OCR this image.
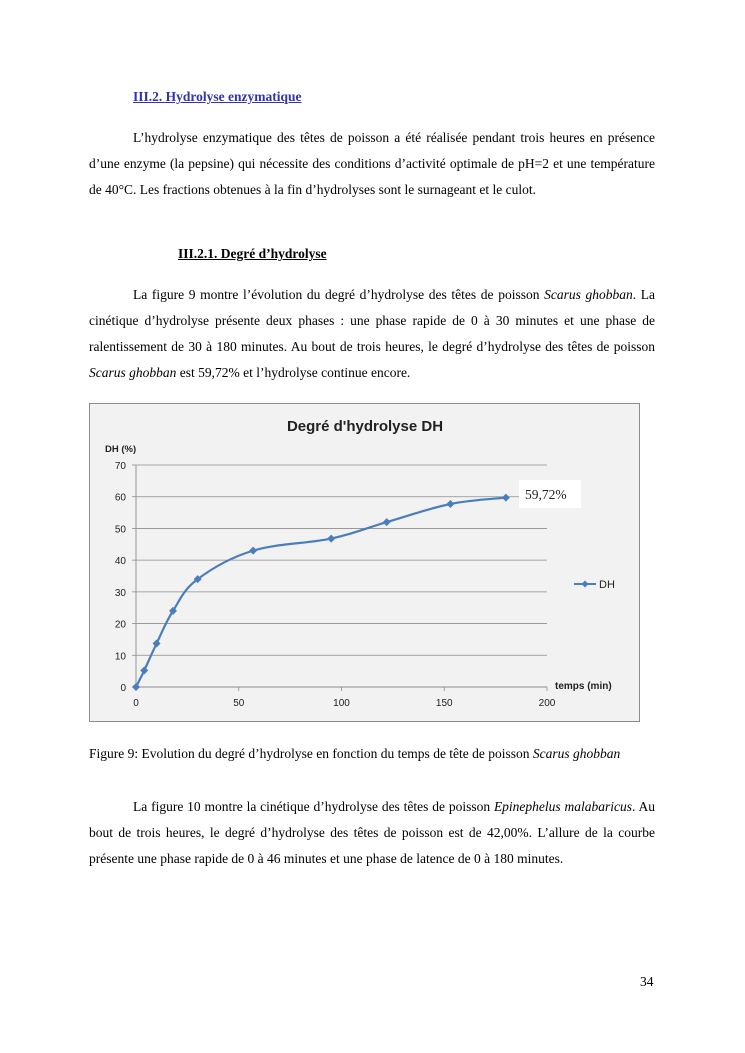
III.2. Hydrolyse enzymatique

L’hydrolyse enzymatique des têtes de poisson a été réalisée pendant trois heures en présence d’une enzyme (la pepsine) qui nécessite des conditions d’activité optimale de pH=2 et une température de 40°C. Les fractions obtenues à la fin d’hydrolyses sont le surnageant et le culot.

III.2.1. Degré d’hydrolyse

La figure 9 montre l’évolution du degré d’hydrolyse des têtes de poisson Scarus ghobban. La cinétique d’hydrolyse présente deux phases : une phase rapide de 0 à 30 minutes et une phase de ralentissement de 30 à 180 minutes. Au bout de trois heures, le degré d’hydrolyse des têtes de poisson Scarus ghobban est 59,72% et l’hydrolyse continue encore.

Degré d'hydrolyse DH
DH (%)
temps (min)
0
10
20
30
40
50
60
70
0	50	100	150	200
59,72%
DH

Figure 9: Evolution du degré d’hydrolyse en fonction du temps de tête de poisson Scarus ghobban

La figure 10 montre la cinétique d’hydrolyse des têtes de poisson Epinephelus malabaricus. Au bout de trois heures, le degré d’hydrolyse des têtes de poisson est de 42,00%. L’allure de la courbe présente une phase rapide de 0 à 46 minutes et une phase de latence de 0 à 180 minutes.

34
